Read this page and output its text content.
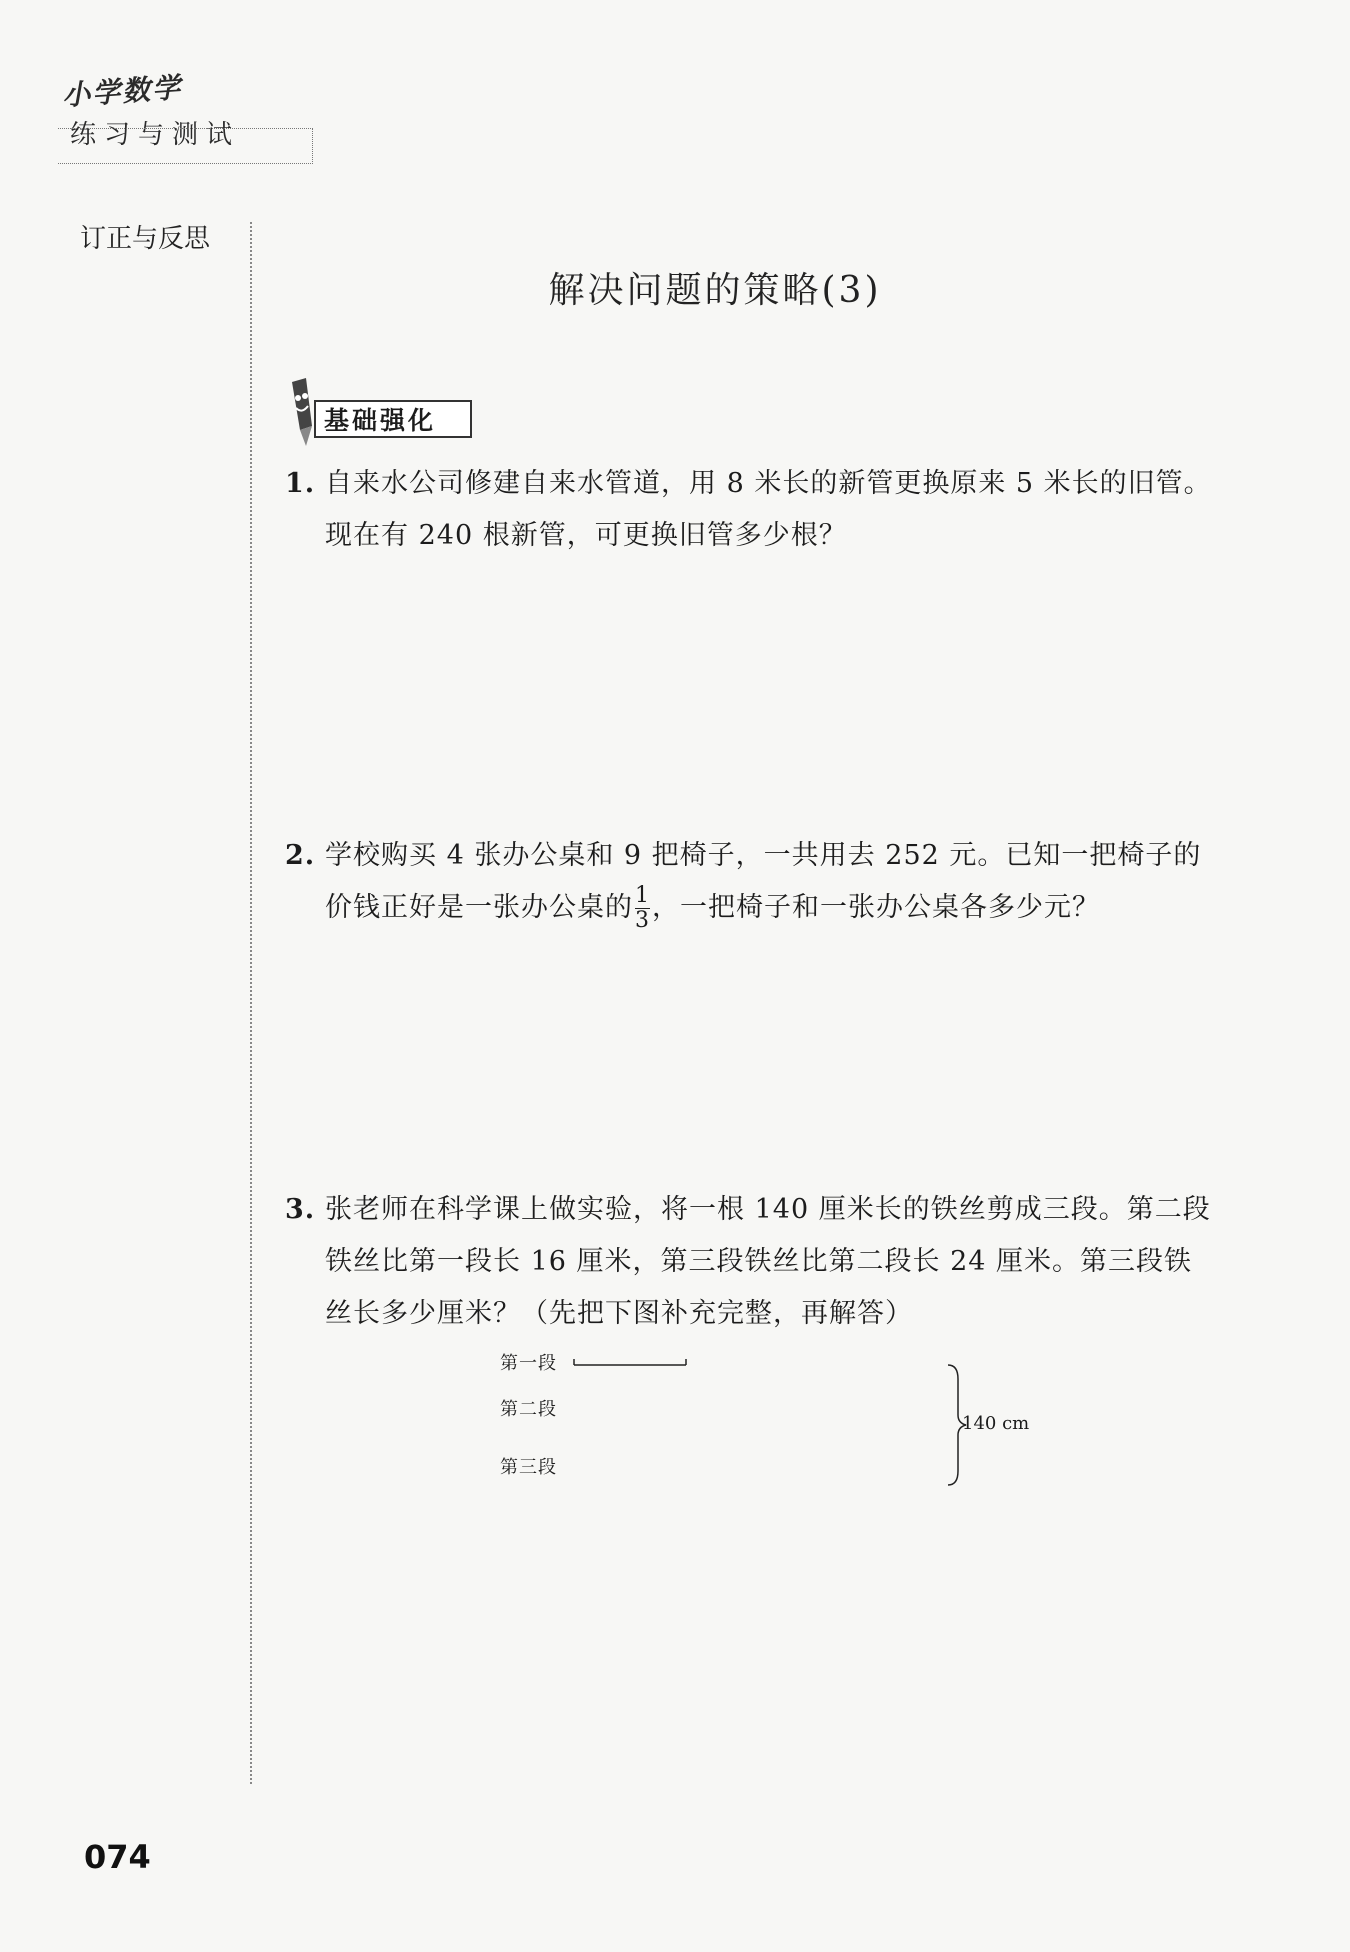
小学数学
练习与测试
订正与反思
解决问题的策略(3)
基础强化
1. 自来水公司修建自来水管道，用 8 米长的新管更换原来 5 米长的旧管。现在有 240 根新管，可更换旧管多少根？
2. 学校购买 4 张办公桌和 9 把椅子，一共用去 252 元。已知一把椅子的价钱正好是一张办公桌的 $\frac{1}{3}$ ，一把椅子和一张办公桌各多少元？
3. 张老师在科学课上做实验，将一根 140 厘米长的铁丝剪成三段。第二段铁丝比第一段长 16 厘米，第三段铁丝比第二段长 24 厘米。第三段铁丝长多少厘米？（先把下图补充完整，再解答）
第一段
第二段
第三段
140 cm
074
